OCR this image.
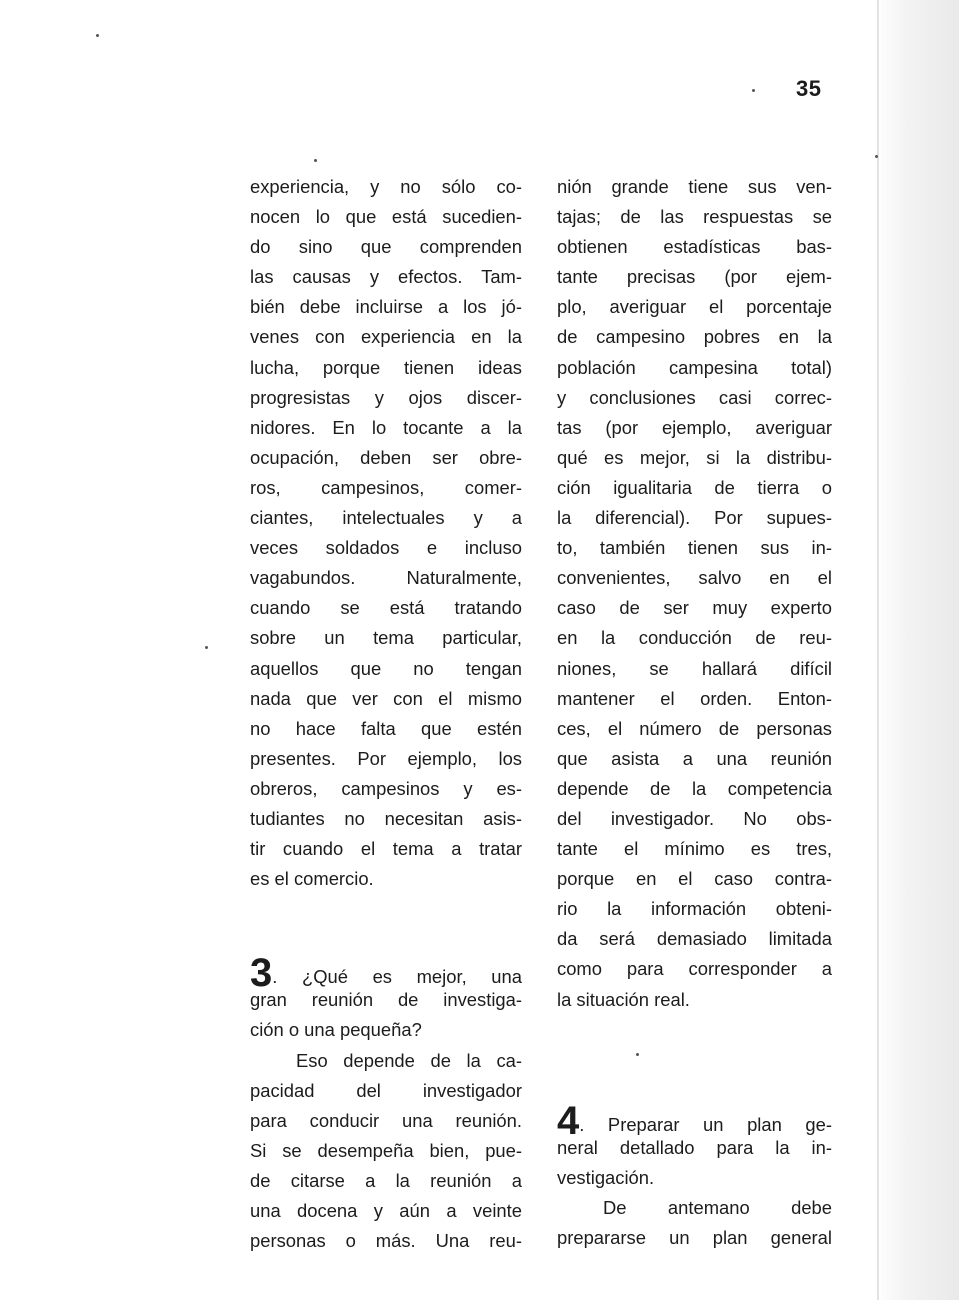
35
experiencia, y no sólo co-
nocen lo que está sucedien-
do sino que comprenden
las causas y efectos. Tam-
bién debe incluirse a los jó-
venes con experiencia en la
lucha, porque tienen ideas
progresistas y ojos discer-
nidores. En lo tocante a la
ocupación, deben ser obre-
ros, campesinos, comer-
ciantes, intelectuales y a
veces soldados e incluso
vagabundos. Naturalmente,
cuando se está tratando
sobre un tema particular,
aquellos que no tengan
nada que ver con el mismo
no hace falta que estén
presentes. Por ejemplo, los
obreros, campesinos y es-
tudiantes no necesitan asis-
tir cuando el tema a tratar
es el comercio.
3. ¿Qué es mejor, una
gran reunión de investiga-
ción o una pequeña?
Eso depende de la ca-
pacidad del investigador
para conducir una reunión.
Si se desempeña bien, pue-
de citarse a la reunión a
una docena y aún a veinte
personas o más. Una reu-
nión grande tiene sus ven-
tajas; de las respuestas se
obtienen estadísticas bas-
tante precisas (por ejem-
plo, averiguar el porcentaje
de campesino pobres en la
población campesina total)
y conclusiones casi correc-
tas (por ejemplo, averiguar
qué es mejor, si la distribu-
ción igualitaria de tierra o
la diferencial). Por supues-
to, también tienen sus in-
convenientes, salvo en el
caso de ser muy experto
en la conducción de reu-
niones, se hallará difícil
mantener el orden. Enton-
ces, el número de personas
que asista a una reunión
depende de la competencia
del investigador. No obs-
tante el mínimo es tres,
porque en el caso contra-
rio la información obteni-
da será demasiado limitada
como para corresponder a
la situación real.
4. Preparar un plan ge-
neral detallado para la in-
vestigación.
De antemano debe
prepararse un plan general
